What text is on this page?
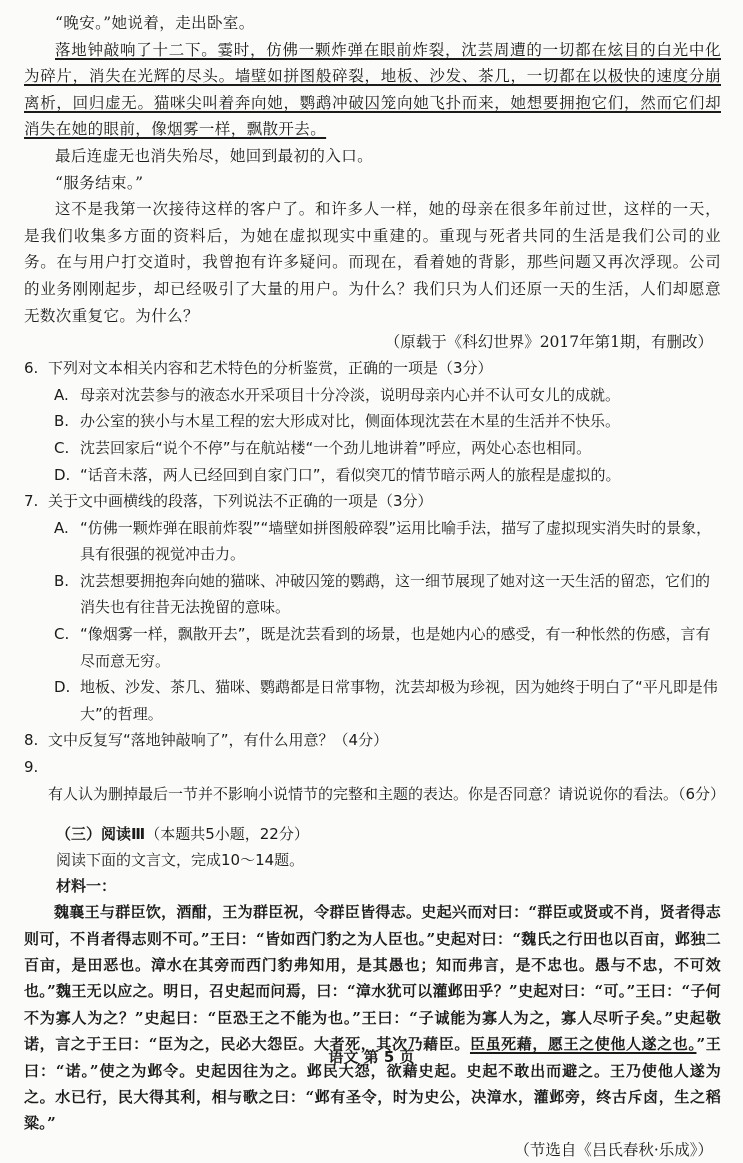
“晚安。”她说着，走出卧室。

落地钟敲响了十二下。霎时，仿佛一颗炸弹在眼前炸裂，沈芸周遭的一切都在炫目的白光中化为碎片，消失在光辉的尽头。墙壁如拼图般碎裂，地板、沙发、茶几，一切都在以极快的速度分崩离析，回归虚无。猫咪尖叫着奔向她，鹦鹉冲破囚笼向她飞扑而来，她想要拥抱它们，然而它们却消失在她的眼前，像烟雾一样，飘散开去。

最后连虚无也消失殆尽，她回到最初的入口。

“服务结束。”

这不是我第一次接待这样的客户了。和许多人一样，她的母亲在很多年前过世，这样的一天，是我们收集多方面的资料后，为她在虚拟现实中重建的。重现与死者共同的生活是我们公司的业务。在与用户打交道时，我曾抱有许多疑问。而现在，看着她的背影，那些问题又再次浮现。公司的业务刚刚起步，却已经吸引了大量的用户。为什么？我们只为人们还原一天的生活，人们却愿意无数次重复它。为什么？

（原载于《科幻世界》2017年第1期，有删改）

6. 下列对文本相关内容和艺术特色的分析鉴赏，正确的一项是（3分）

A. 母亲对沈芸参与的液态水开采项目十分冷淡，说明母亲内心并不认可女儿的成就。

B. 办公室的狭小与木星工程的宏大形成对比，侧面体现沈芸在木星的生活并不快乐。

C. 沈芸回家后“说个不停”与在航站楼“一个劲儿地讲着”呼应，两处心态也相同。

D. “话音未落，两人已经回到自家门口”，看似突兀的情节暗示两人的旅程是虚拟的。

7. 关于文中画横线的段落，下列说法不正确的一项是（3分）

A. “仿佛一颗炸弹在眼前炸裂”“墙壁如拼图般碎裂”运用比喻手法，描写了虚拟现实消失时的景象，具有很强的视觉冲击力。

B. 沈芸想要拥抱奔向她的猫咪、冲破囚笼的鹦鹉，这一细节展现了她对这一天生活的留恋，它们的消失也有往昔无法挽留的意味。

C. “像烟雾一样，飘散开去”，既是沈芸看到的场景，也是她内心的感受，有一种怅然的伤感，言有尽而意无穷。

D. 地板、沙发、茶几、猫咪、鹦鹉都是日常事物，沈芸却极为珍视，因为她终于明白了“平凡即是伟大”的哲理。

8. 文中反复写“落地钟敲响了”，有什么用意？（4分）

9.有人认为删掉最后一节并不影响小说情节的完整和主题的表达。你是否同意？请说说你的看法。（6分）

（三）阅读Ⅲ（本题共5小题，22分）

阅读下面的文言文，完成10～14题。

材料一：

魏襄王与群臣饮，酒酣，王为群臣祝，令群臣皆得志。史起兴而对曰：“群臣或贤或不肖，贤者得志则可，不肖者得志则不可。”王曰：“皆如西门豹之为人臣也。”史起对曰：“魏氏之行田也以百亩，邺独二百亩，是田恶也。漳水在其旁而西门豹弗知用，是其愚也；知而弗言，是不忠也。愚与不忠，不可效也。”魏王无以应之。明日，召史起而问焉，曰：“漳水犹可以灌邺田乎？”史起对曰：“可。”王曰：“子何不为寡人为之？”史起曰：“臣恐王之不能为也。”王曰：“子诚能为寡人为之，寡人尽听子矣。”史起敬诺，言之于王曰：“臣为之，民必大怨臣。大者死，其次乃藉臣。臣虽死藉，愿王之使他人遂之也。”王曰：“诺。”使之为邺令。史起因往为之。邺民大怨，欲藉史起。史起不敢出而避之。王乃使他人遂为之。水已行，民大得其利，相与歌之曰：“邺有圣令，时为史公，决漳水，灌邺旁，终古斥卤，生之稻粱。”

（节选自《吕氏春秋·乐成》）

语文 第 5 页
